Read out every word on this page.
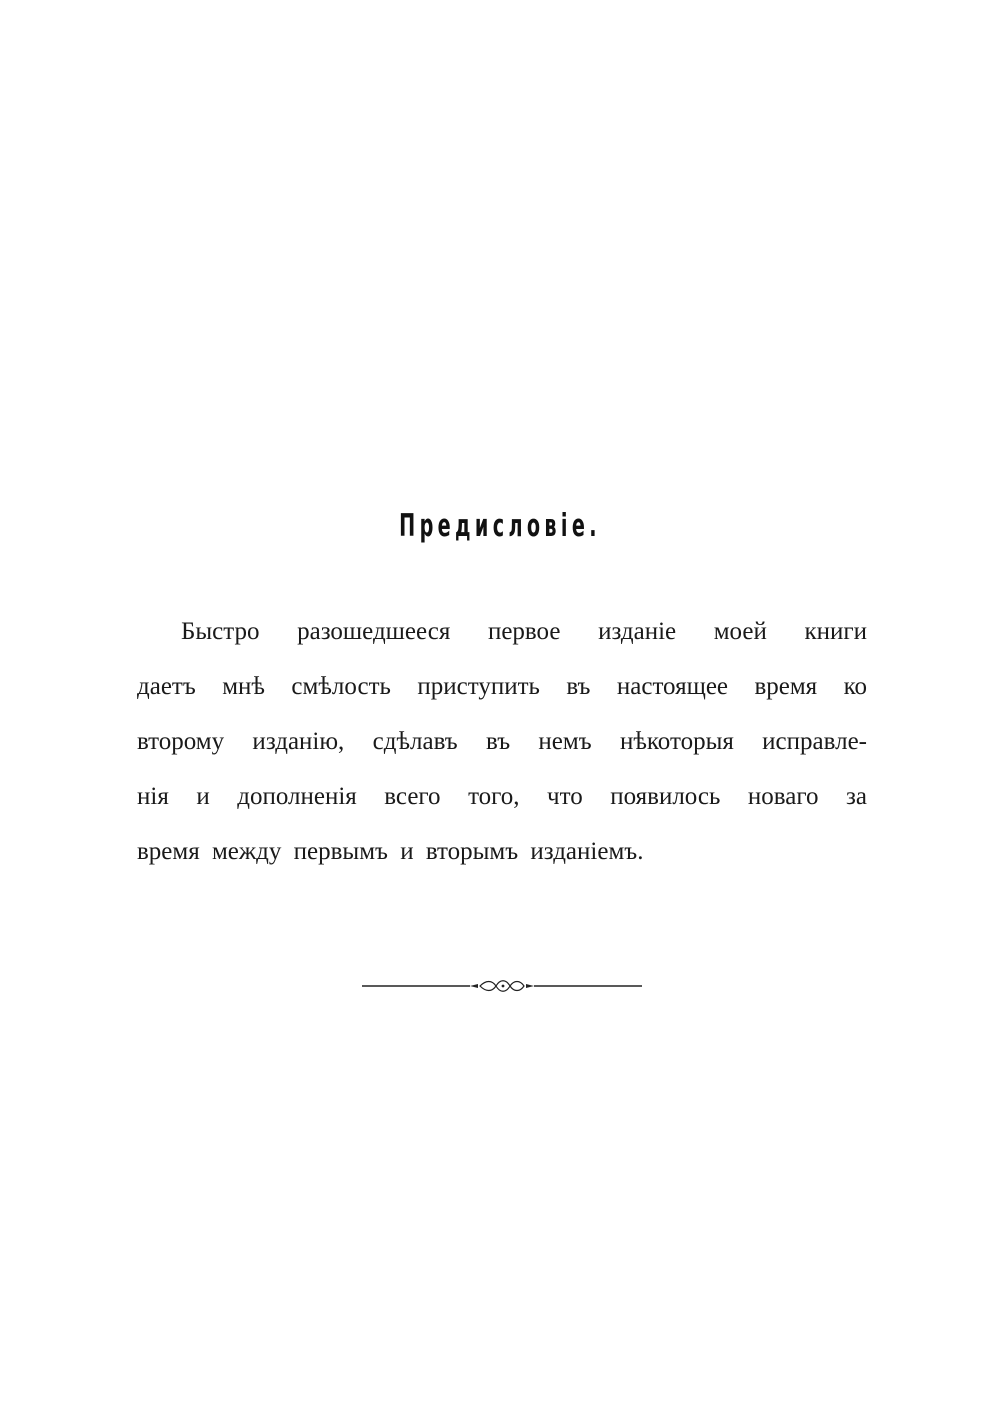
Предисловіе.
Быстро разошедшееся первое изданіе моей книги
даетъ мнѣ смѣлость приступить въ настоящее время ко
второму изданію, сдѣлавъ въ немъ нѣкоторыя исправле-
нія и дополненія всего того, что появилось новаго за
время между первымъ и вторымъ изданіемъ.
